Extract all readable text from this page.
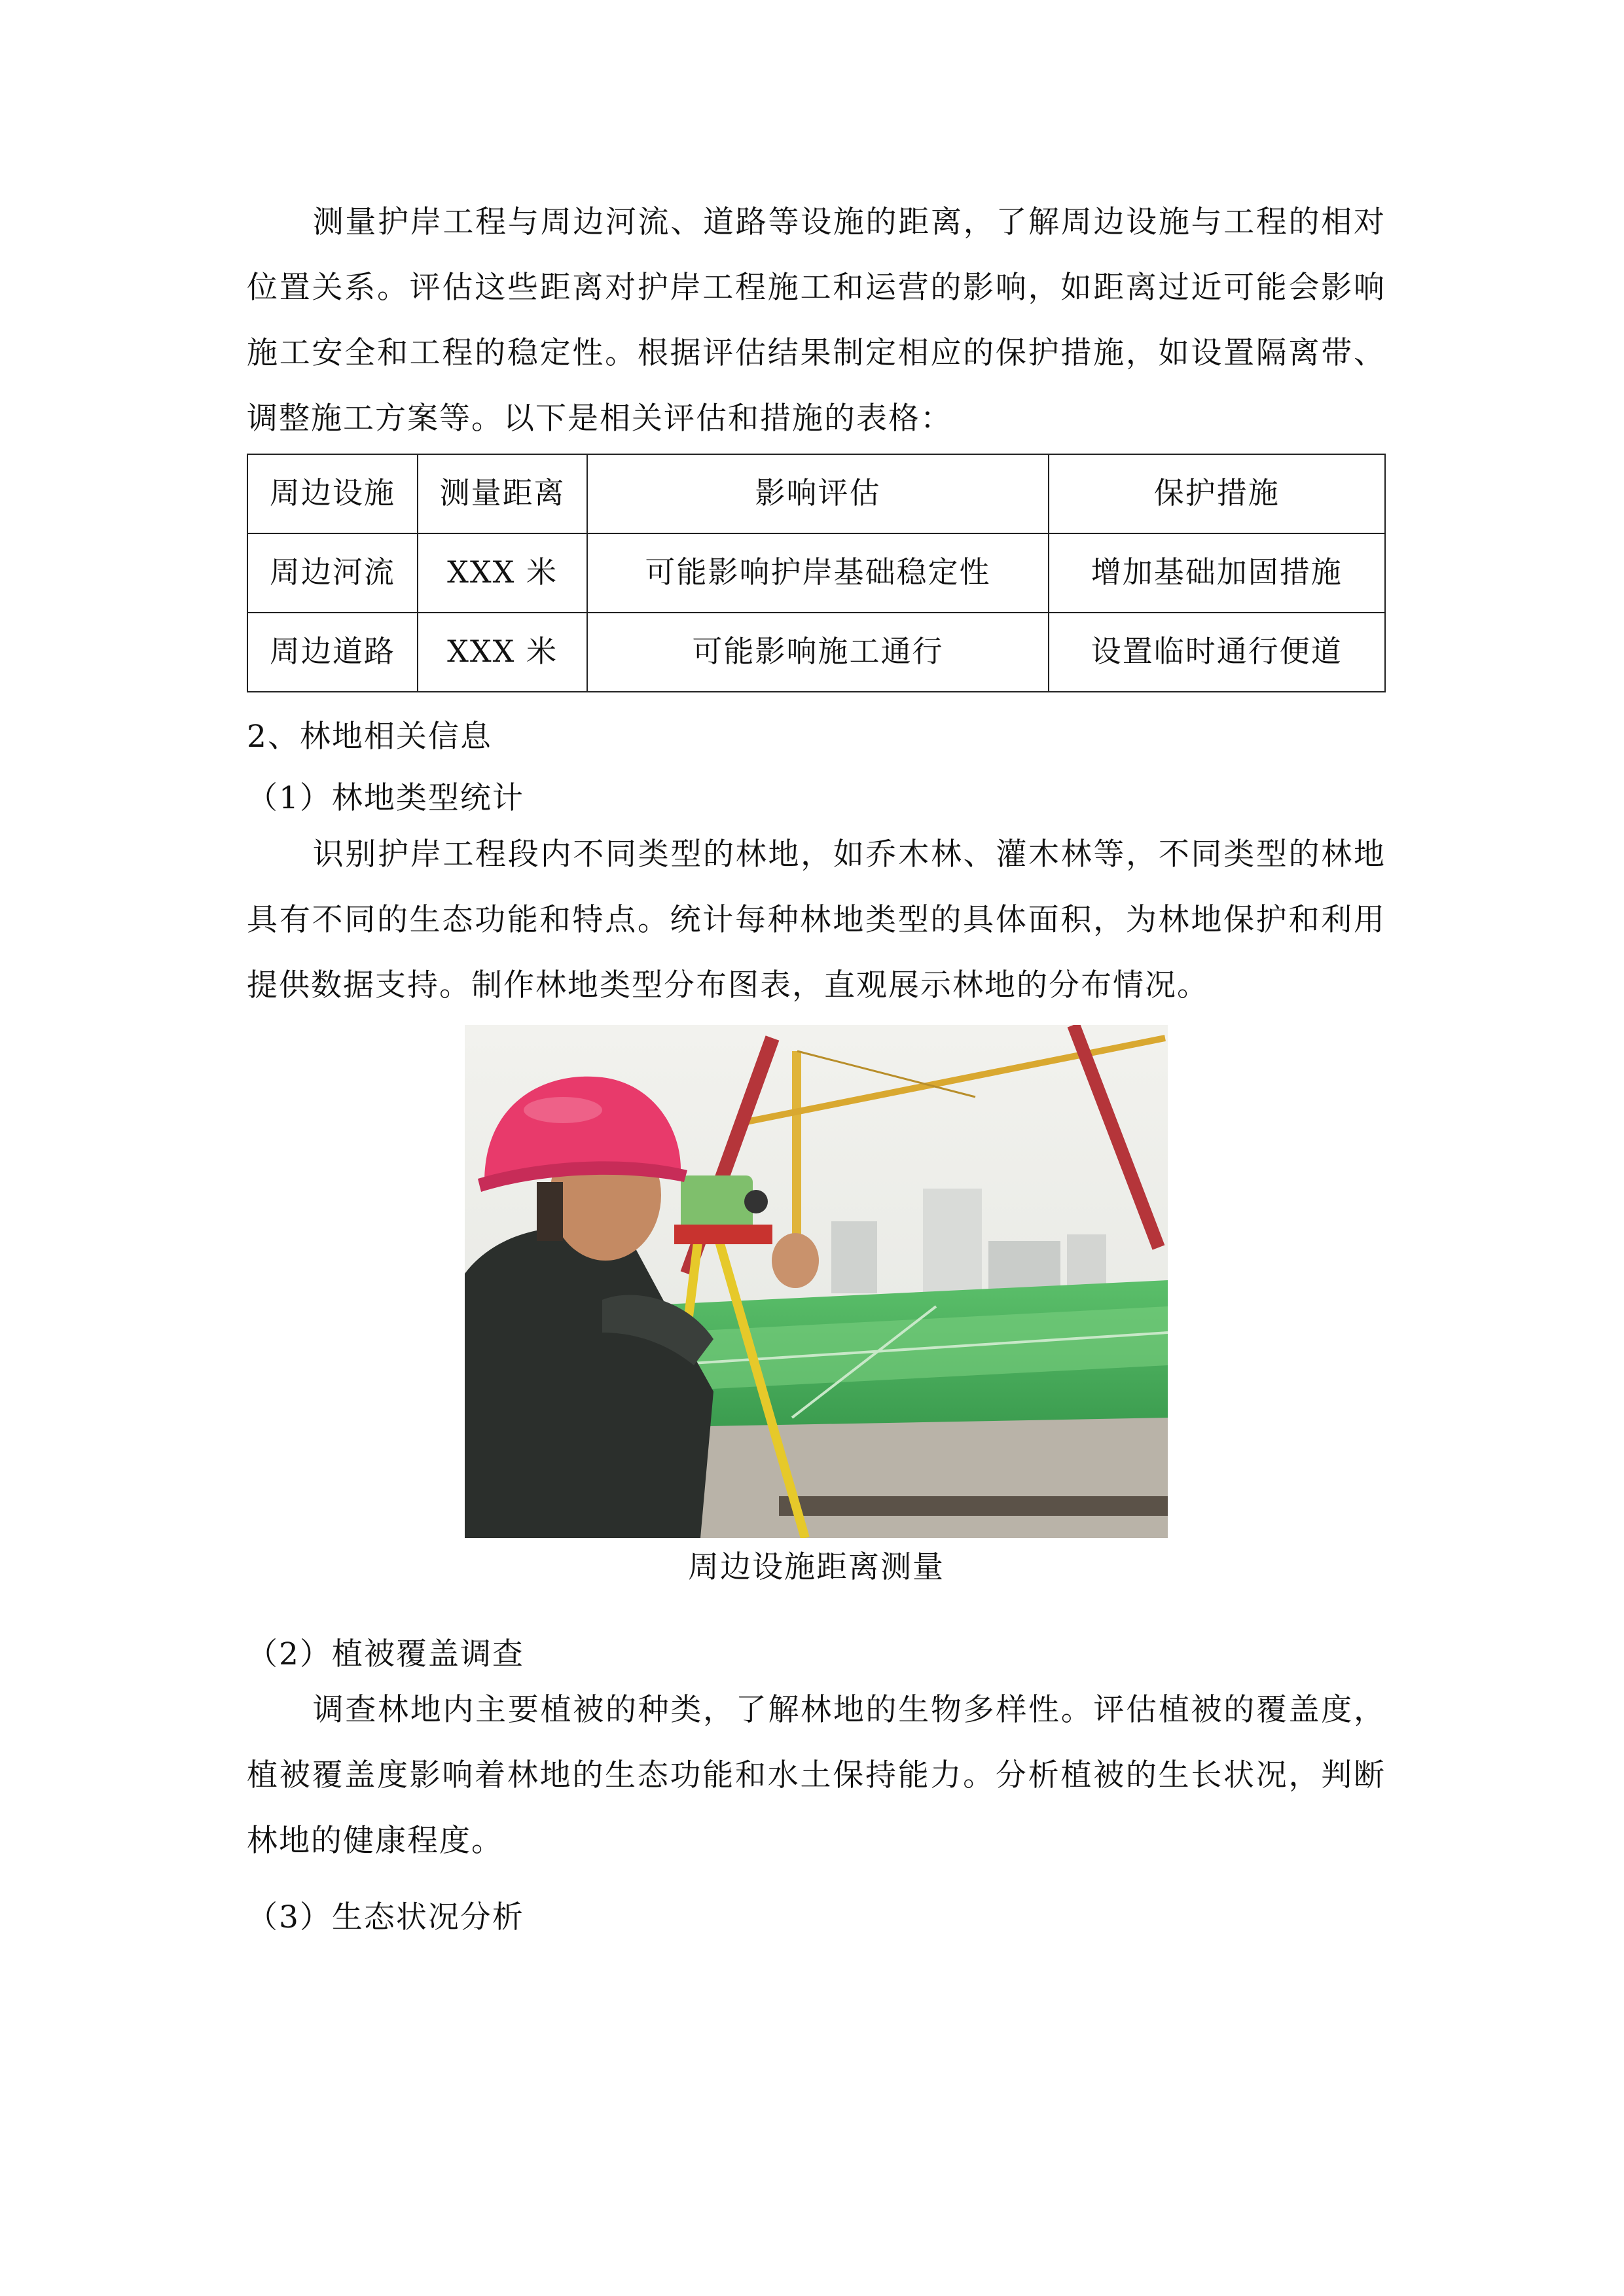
测量护岸工程与周边河流、道路等设施的距离，了解周边设施与工程的相对位置关系。评估这些距离对护岸工程施工和运营的影响，如距离过近可能会影响施工安全和工程的稳定性。根据评估结果制定相应的保护措施，如设置隔离带、调整施工方案等。以下是相关评估和措施的表格：

周边设施	测量距离	影响评估	保护措施
周边河流	XXX 米	可能影响护岸基础稳定性	增加基础加固措施
周边道路	XXX 米	可能影响施工通行	设置临时通行便道

2、林地相关信息

（1）林地类型统计

识别护岸工程段内不同类型的林地，如乔木林、灌木林等，不同类型的林地具有不同的生态功能和特点。统计每种林地类型的具体面积，为林地保护和利用提供数据支持。制作林地类型分布图表，直观展示林地的分布情况。

周边设施距离测量

（2）植被覆盖调查

调查林地内主要植被的种类，了解林地的生物多样性。评估植被的覆盖度，植被覆盖度影响着林地的生态功能和水土保持能力。分析植被的生长状况，判断林地的健康程度。

（3）生态状况分析
